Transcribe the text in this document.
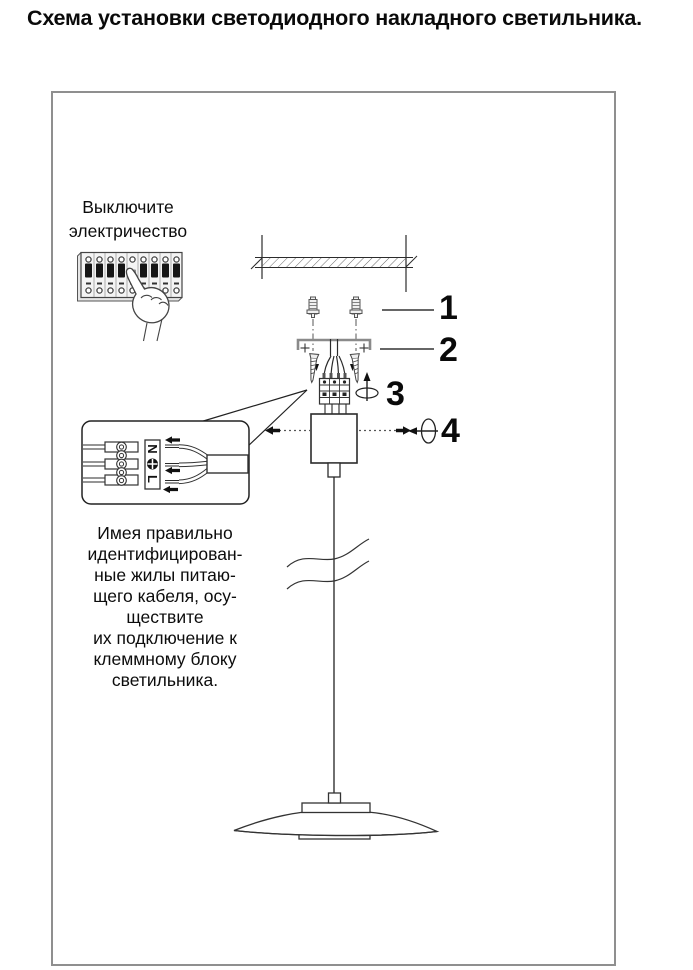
Схема установки светодиодного накладного светильника.
1
2
3
4
N
L
Выключите
электричество
Имея правильно
идентифицирован-
ные жилы питаю-
щего кабеля, осу-
ществите
их подключение к
клеммному блоку
светильника.
